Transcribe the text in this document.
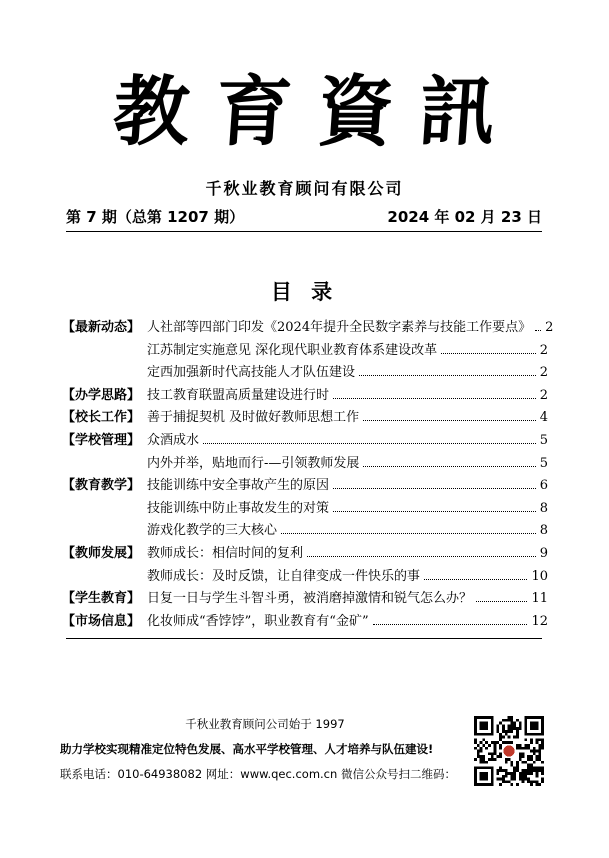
教育資訊
千秋业教育顾问有限公司
第 7 期（总第 1207 期）	2024 年 02 月 23 日
目 录
【最新动态】 人社部等四部门印发《2024年提升全民数字素养与技能工作要点》 2
江苏制定实施意见 深化现代职业教育体系建设改革	2
定西加强新时代高技能人才队伍建设	2
【办学思路】 技工教育联盟高质量建设进行时	2
【校长工作】 善于捕捉契机 及时做好教师思想工作	4
【学校管理】 众酒成水	5
内外并举，贴地而行-—引领教师发展	5
【教育教学】 技能训练中安全事故产生的原因	6
技能训练中防止事故发生的对策	8
游戏化教学的三大核心	8
【教师发展】 教师成长：相信时间的复利	9
教师成长：及时反馈，让自律变成一件快乐的事	10
【学生教育】 日复一日与学生斗智斗勇，被消磨掉激情和锐气怎么办？	11
【市场信息】 化妆师成“香饽饽”，职业教育有“金矿”	12
千秋业教育顾问公司始于 1997
助力学校实现精准定位特色发展、高水平学校管理、人才培养与队伍建设!
联系电话：010-64938082 网址：www.qec.com.cn 微信公众号扫二维码：
